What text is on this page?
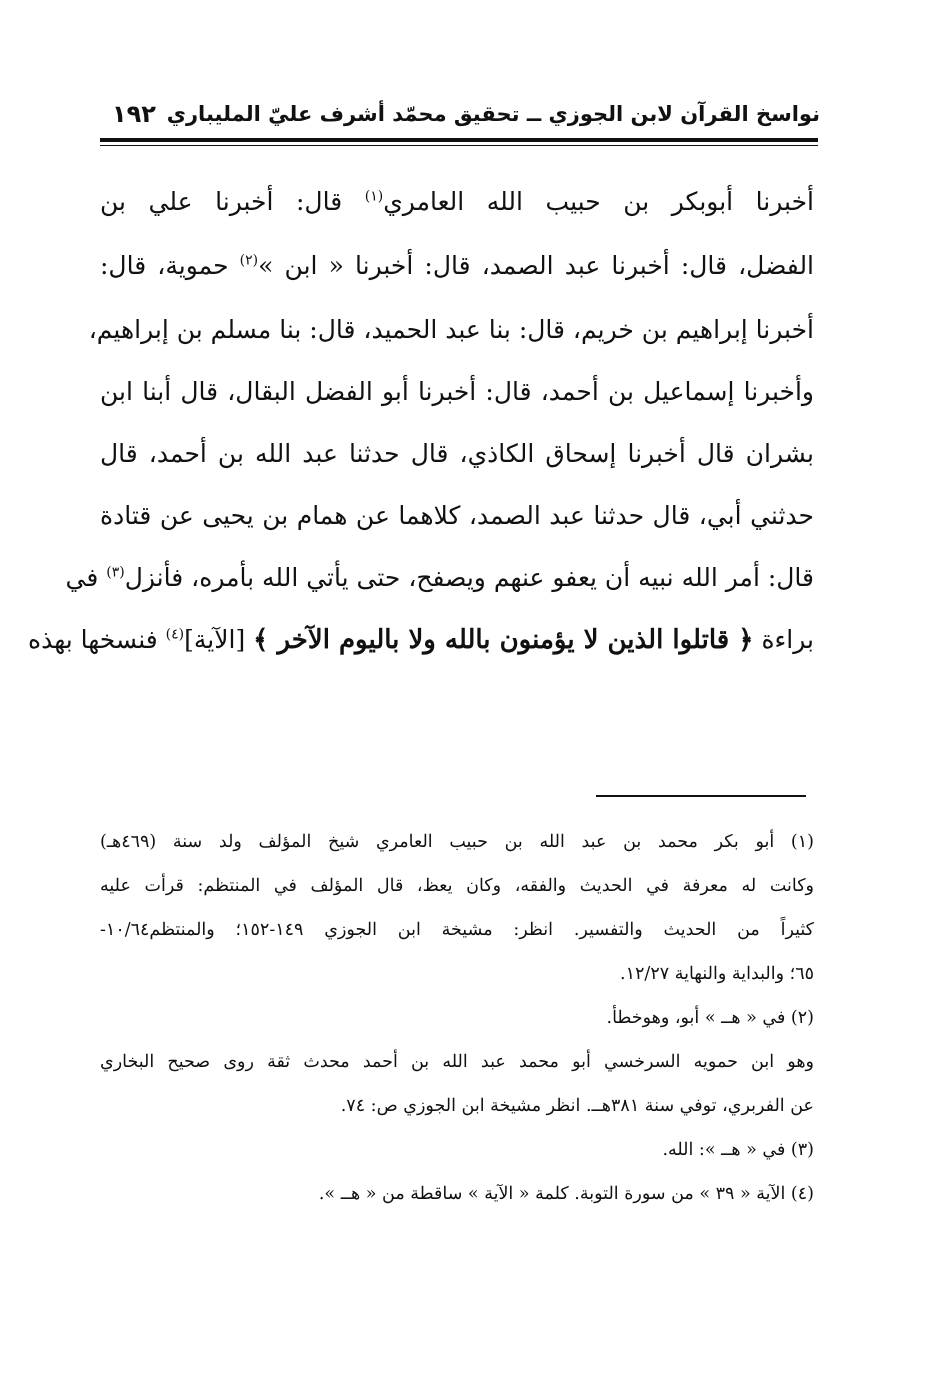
نواسخ القرآن لابن الجوزي ــ تحقيق محمّد أشرف عليّ المليباري
١٩٢
أخبرنا أبوبكر بن حبيب الله العامري$^{(١)}$ قال: أخبرنا علي بن
الفضل، قال: أخبرنا عبد الصمد، قال: أخبرنا « ابن »$^{(٢)}$ حموية، قال:
أخبرنا إبراهيم بن خريم، قال: بنا عبد الحميد، قال: بنا مسلم بن إبراهيم،
وأخبرنا إسماعيل بن أحمد، قال: أخبرنا أبو الفضل البقال، قال أبنا ابن
بشران قال أخبرنا إسحاق الكاذي، قال حدثنا عبد الله بن أحمد، قال
حدثني أبي، قال حدثنا عبد الصمد، كلاهما عن همام بن يحيى عن قتادة
قال: أمر الله نبيه أن يعفو عنهم ويصفح، حتى يأتي الله بأمره، فأنزل$^{(٣)}$ في
براءة ﴿ قاتلوا الذين لا يؤمنون بالله ولا باليوم الآخر ﴾ [الآية]$^{(٤)}$ فنسخها بهذه
(١) أبو بكر محمد بن عبد الله بن حبيب العامري شيخ المؤلف ولد سنة (٤٦٩هـ)
وكانت له معرفة في الحديث والفقه، وكان يعظ، قال المؤلف في المنتظم: قرأت عليه
كثيراً من الحديث والتفسير. انظر: مشيخة ابن الجوزي ١٤٩-١٥٢؛ والمنتظم١٠/٦٤-
٦٥؛ والبداية والنهاية ١٢/٢٧.
(٢) في « هــ » أبو، وهوخطأ.
وهو ابن حمويه السرخسي أبو محمد عبد الله بن أحمد محدث ثقة روى صحيح البخاري
عن الفربري، توفي سنة ٣٨١هــ. انظر مشيخة ابن الجوزي ص: ٧٤.
(٣) في « هــ »: الله.
(٤) الآية « ٣٩ » من سورة التوبة. كلمة « الآية » ساقطة من « هــ ».
